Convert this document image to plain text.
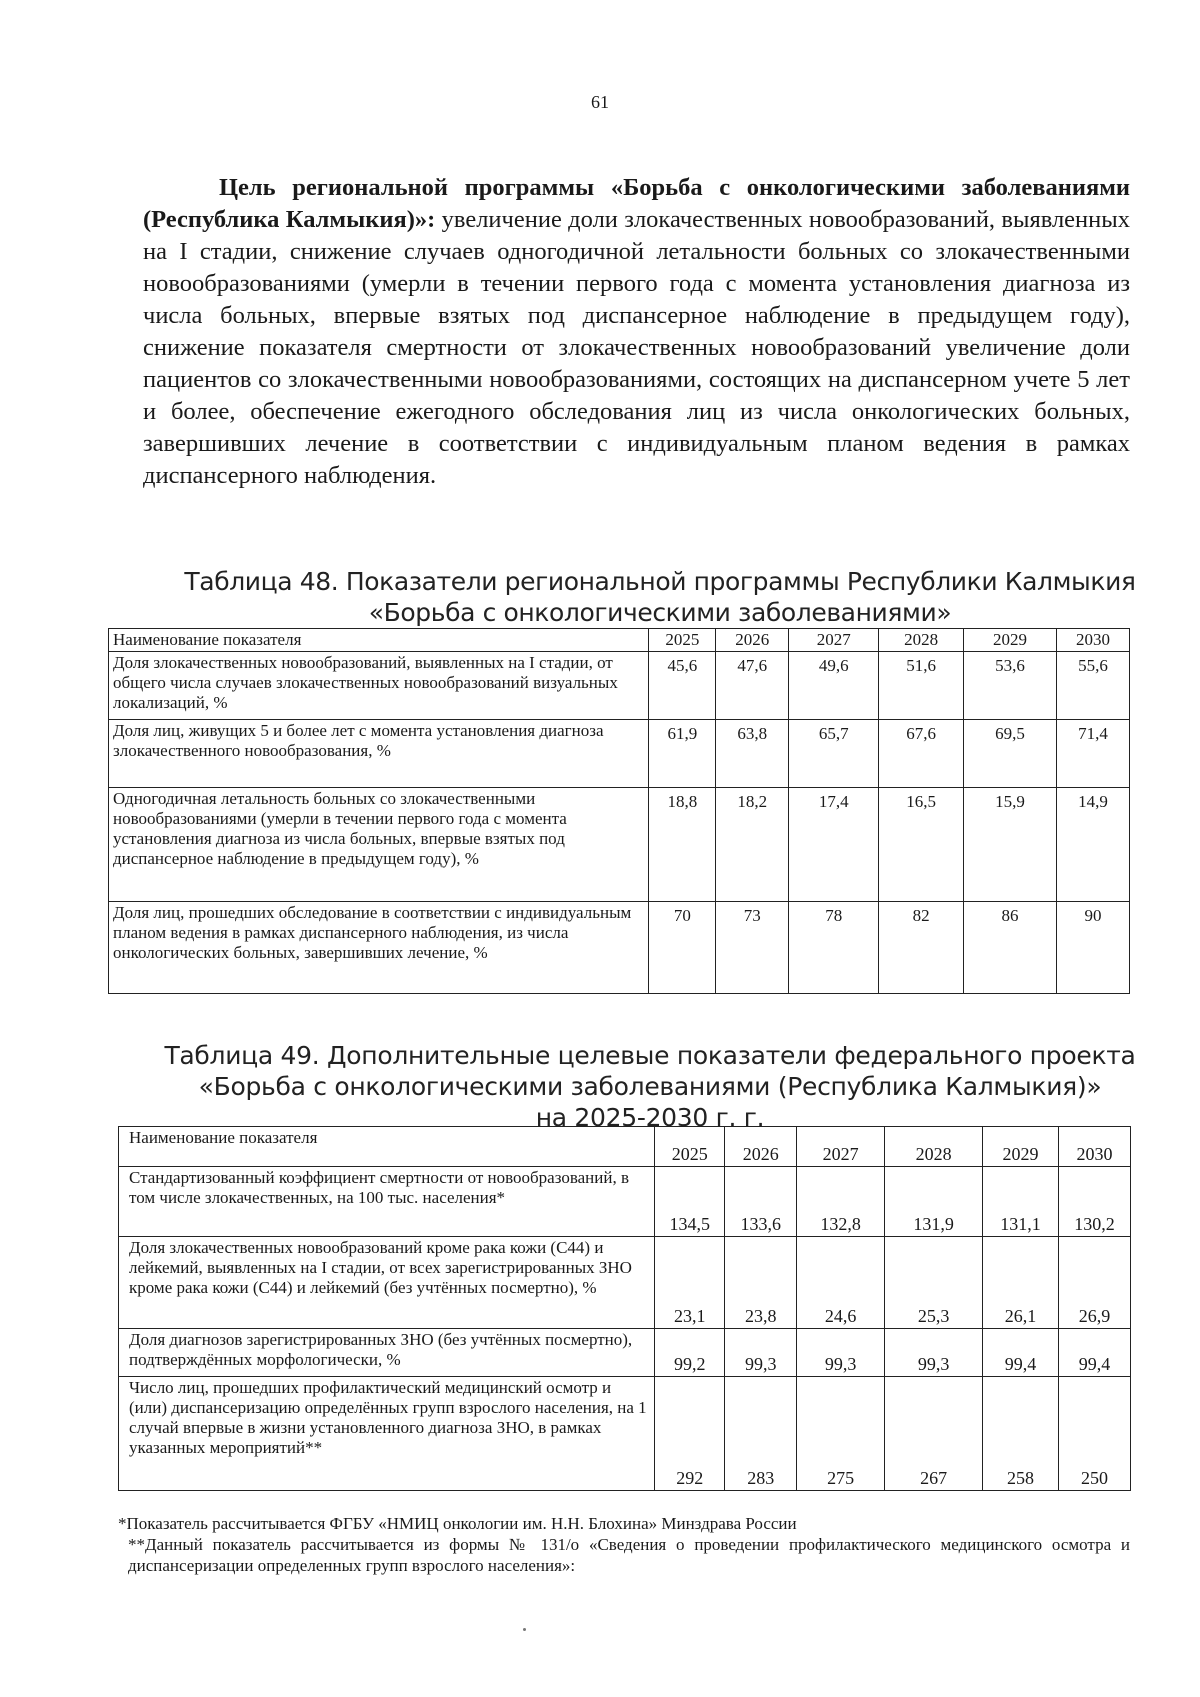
61

Цель региональной программы «Борьба с онкологическими заболеваниями (Республика Калмыкия)»: увеличение доли злокачественных новообразований, выявленных на I стадии, снижение случаев одногодичной летальности больных со злокачественными новообразованиями (умерли в течении первого года с момента установления диагноза из числа больных, впервые взятых под диспансерное наблюдение в предыдущем году), снижение показателя смертности от злокачественных новообразований увеличение доли пациентов со злокачественными новообразованиями, состоящих на диспансерном учете 5 лет и более, обеспечение ежегодного обследования лиц из числа онкологических больных, завершивших лечение в соответствии с индивидуальным планом ведения в рамках диспансерного наблюдения.

Таблица 48. Показатели региональной программы Республики Калмыкия
«Борьба с онкологическими заболеваниями»
Наименование показателя	2025	2026	2027	2028	2029	2030
Доля злокачественных новообразований, выявленных на I стадии, от общего числа случаев злокачественных новообразований визуальных локализаций, %	45,6	47,6	49,6	51,6	53,6	55,6
Доля лиц, живущих 5 и более лет с момента установления диагноза злокачественного новообразования, %	61,9	63,8	65,7	67,6	69,5	71,4
Одногодичная летальность больных со злокачественными новообразованиями (умерли в течении первого года с момента
установления диагноза из числа больных, впервые взятых под диспансерное наблюдение в предыдущем году), %	18,8	18,2	17,4	16,5	15,9	14,9
Доля лиц, прошедших обследование в соответствии с индивидуальным планом ведения в рамках диспансерного наблюдения, из числа онкологических больных, завершивших лечение, %	70	73	78	82	86	90
Таблица 49. Дополнительные целевые показатели федерального проекта
«Борьба с онкологическими заболеваниями (Республика Калмыкия)»
на 2025-2030 г. г.
Наименование показателя	2025	2026	2027	2028	2029	2030
Стандартизованный коэффициент смертности от новообразований, в том числе злокачественных, на 100 тыс. населения*	134,5	133,6	132,8	131,9	131,1	130,2
Доля злокачественных новообразований кроме рака кожи (С44) и лейкемий, выявленных на I стадии, от всех зарегистрированных ЗНО кроме рака кожи (С44) и лейкемий (без учтённых посмертно), %	23,1	23,8	24,6	25,3	26,1	26,9
Доля диагнозов зарегистрированных ЗНО (без учтённых посмертно), подтверждённых морфологически, %	99,2	99,3	99,3	99,3	99,4	99,4
Число лиц, прошедших профилактический медицинский осмотр и (или) диспансеризацию определённых групп взрослого населения, на 1 случай впервые в жизни установленного диагноза ЗНО, в рамках указанных мероприятий**	292	283	275	267	258	250

*Показатель рассчитывается ФГБУ «НМИЦ онкологии им. Н.Н. Блохина» Минздрава России

**Данный показатель рассчитывается из формы № 131/о «Сведения о проведении профилактического медицинского осмотра и диспансеризации определенных групп взрослого населения»:
